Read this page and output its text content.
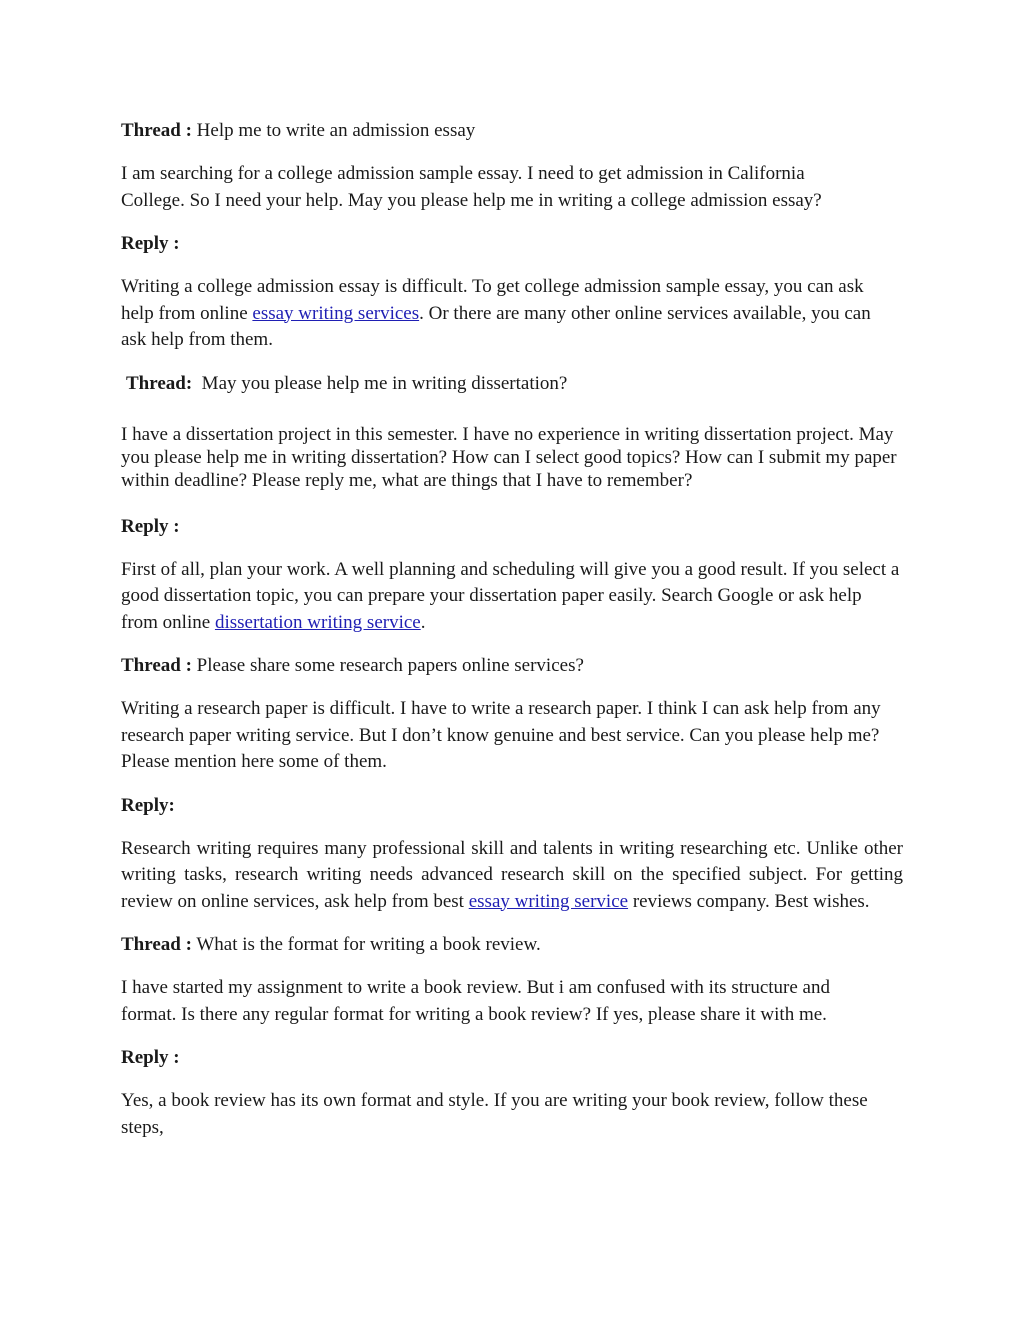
Thread : Help me to write an admission essay

I am searching for a college admission sample essay. I need to get admission in California College. So I need your help. May you please help me in writing a college admission essay?

Reply :

Writing a college admission essay is difficult. To get college admission sample essay, you can ask help from online essay writing services. Or there are many other online services available, you can ask help from them.

Thread: May you please help me in writing dissertation?

I have a dissertation project in this semester. I have no experience in writing dissertation project. May you please help me in writing dissertation? How can I select good topics? How can I submit my paper within deadline? Please reply me, what are things that I have to remember?

Reply :

First of all, plan your work. A well planning and scheduling will give you a good result. If you select a good dissertation topic, you can prepare your dissertation paper easily. Search Google or ask help from online dissertation writing service.

Thread : Please share some research papers online services?

Writing a research paper is difficult. I have to write a research paper. I think I can ask help from any research paper writing service. But I don’t know genuine and best service. Can you please help me? Please mention here some of them.

Reply:

Research writing requires many professional skill and talents in writing researching etc. Unlike other writing tasks, research writing needs advanced research skill on the specified subject. For getting review on online services, ask help from best essay writing service reviews company. Best wishes.

Thread : What is the format for writing a book review.

I have started my assignment to write a book review. But i am confused with its structure and format. Is there any regular format for writing a book review? If yes, please share it with me.

Reply :

Yes, a book review has its own format and style. If you are writing your book review, follow these steps,
